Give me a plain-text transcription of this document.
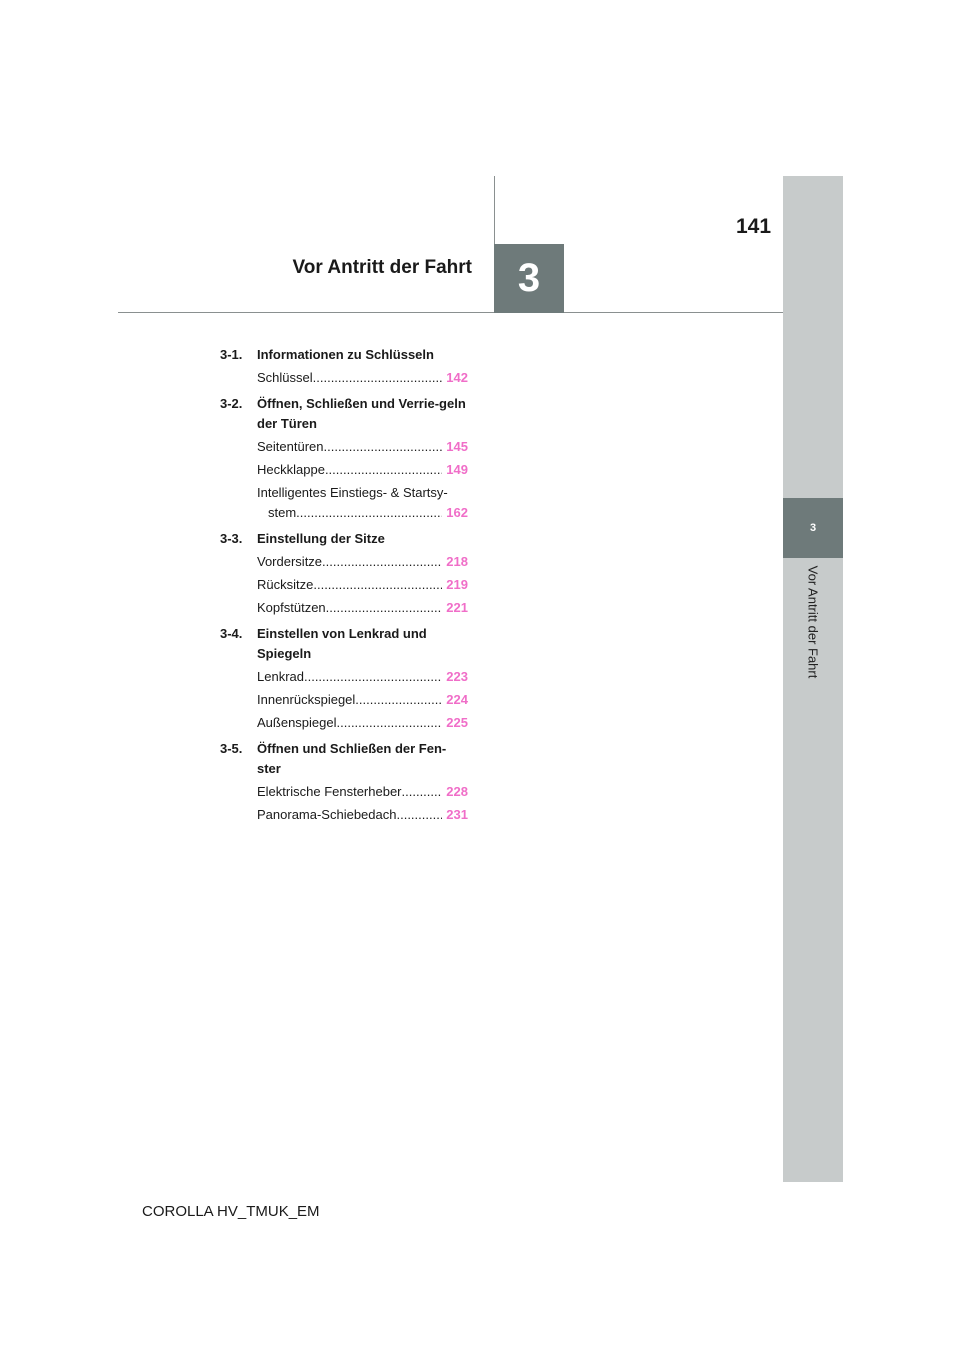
3
Vor Antritt der Fahrt
3
141
Vor Antritt der Fahrt
3-1.	Informationen zu Schlüsseln
Schlüssel .....	142
3-2.	Öffnen, Schließen und Verrie-geln der Türen
Seitentüren .....	145
Heckklappe .....	149
Intelligentes Einstiegs- & Startsy-
stem .....	162
3-3.	Einstellung der Sitze
Vordersitze .....	218
Rücksitze .....	219
Kopfstützen .....	221
3-4.	Einstellen von Lenkrad und Spiegeln
Lenkrad .....	223
Innenrückspiegel .....	224
Außenspiegel .....	225
3-5.	Öffnen und Schließen der Fen-ster
Elektrische Fensterheber .....	228
Panorama-Schiebedach .....	231
COROLLA HV_TMUK_EM
